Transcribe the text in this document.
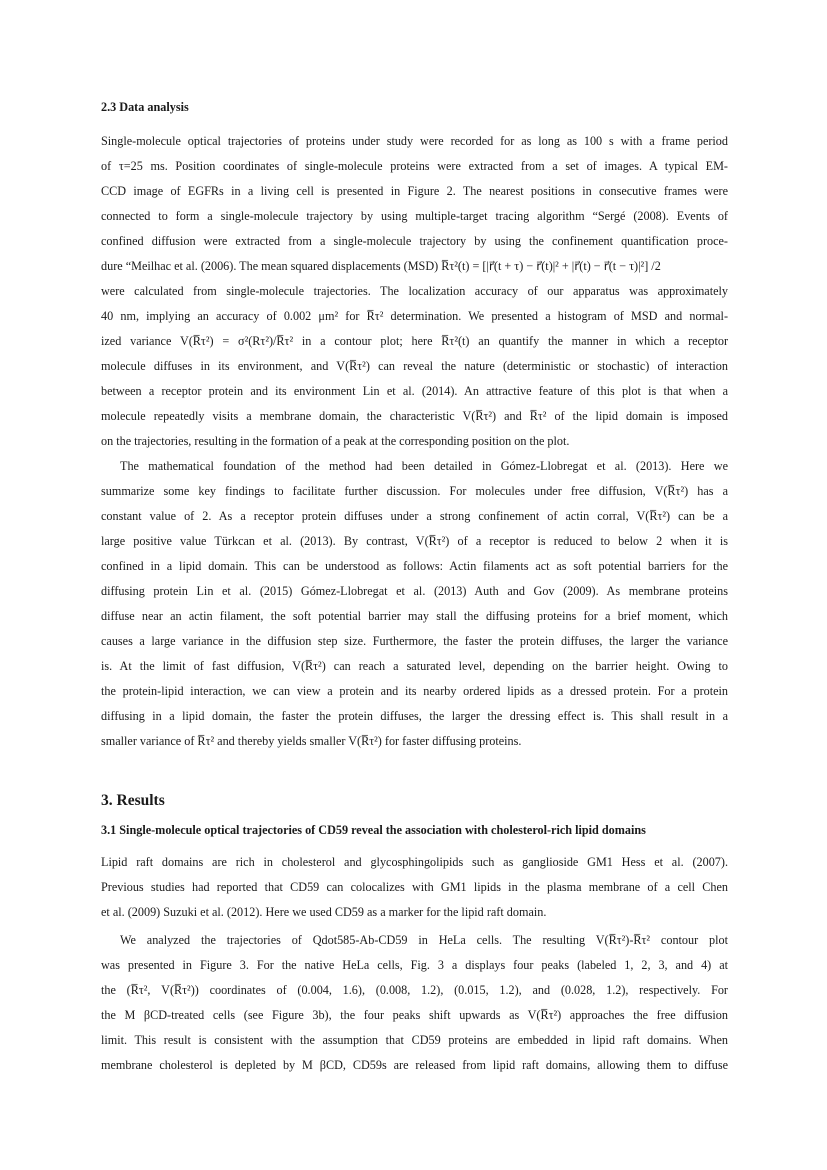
2.3 Data analysis
Single-molecule optical trajectories of proteins under study were recorded for as long as 100 s with a frame period
of τ=25 ms. Position coordinates of single-molecule proteins were extracted from a set of images. A typical EM-
CCD image of EGFRs in a living cell is presented in Figure 2. The nearest positions in consecutive frames were
connected to form a single-molecule trajectory by using multiple-target tracing algorithm “Sergé (2008). Events of
confined diffusion were extracted from a single-molecule trajectory by using the confinement quantification proce-
dure “Meilhac et al. (2006). The mean squared displacements (MSD) R̅τ²(t) = [|r⃗(t + τ) − r⃗(t)|² + |r⃗(t) − r⃗(t − τ)|²] /2
were calculated from single-molecule trajectories. The localization accuracy of our apparatus was approximately
40 nm, implying an accuracy of 0.002 μm² for R̅τ² determination. We presented a histogram of MSD and normal-
ized variance V(R̅τ²) = σ²(Rτ²)/R̅τ² in a contour plot; here R̅τ²(t) an quantify the manner in which a receptor
molecule diffuses in its environment, and V(R̅τ²) can reveal the nature (deterministic or stochastic) of interaction
between a receptor protein and its environment Lin et al. (2014). An attractive feature of this plot is that when a
molecule repeatedly visits a membrane domain, the characteristic V(R̅τ²) and R̅τ² of the lipid domain is imposed
on the trajectories, resulting in the formation of a peak at the corresponding position on the plot.
The mathematical foundation of the method had been detailed in Gómez-Llobregat et al. (2013). Here we
summarize some key findings to facilitate further discussion. For molecules under free diffusion, V(R̅τ²) has a
constant value of 2. As a receptor protein diffuses under a strong confinement of actin corral, V(R̅τ²) can be a
large positive value Türkcan et al. (2013). By contrast, V(R̅τ²) of a receptor is reduced to below 2 when it is
confined in a lipid domain. This can be understood as follows: Actin filaments act as soft potential barriers for the
diffusing protein Lin et al. (2015) Gómez-Llobregat et al. (2013) Auth and Gov (2009). As membrane proteins
diffuse near an actin filament, the soft potential barrier may stall the diffusing proteins for a brief moment, which
causes a large variance in the diffusion step size. Furthermore, the faster the protein diffuses, the larger the variance
is. At the limit of fast diffusion, V(R̅τ²) can reach a saturated level, depending on the barrier height. Owing to
the protein-lipid interaction, we can view a protein and its nearby ordered lipids as a dressed protein. For a protein
diffusing in a lipid domain, the faster the protein diffuses, the larger the dressing effect is. This shall result in a
smaller variance of R̅τ² and thereby yields smaller V(R̅τ²) for faster diffusing proteins.
3. Results
3.1 Single-molecule optical trajectories of CD59 reveal the association with cholesterol-rich lipid domains
Lipid raft domains are rich in cholesterol and glycosphingolipids such as ganglioside GM1 Hess et al. (2007).
Previous studies had reported that CD59 can colocalizes with GM1 lipids in the plasma membrane of a cell Chen
et al. (2009) Suzuki et al. (2012). Here we used CD59 as a marker for the lipid raft domain.
We analyzed the trajectories of Qdot585-Ab-CD59 in HeLa cells. The resulting V(R̅τ²)-R̅τ² contour plot
was presented in Figure 3. For the native HeLa cells, Fig. 3 a displays four peaks (labeled 1, 2, 3, and 4) at
the (R̅τ², V(R̅τ²)) coordinates of (0.004, 1.6), (0.008, 1.2), (0.015, 1.2), and (0.028, 1.2), respectively. For
the M βCD-treated cells (see Figure 3b), the four peaks shift upwards as V(R̅τ²) approaches the free diffusion
limit. This result is consistent with the assumption that CD59 proteins are embedded in lipid raft domains. When
membrane cholesterol is depleted by M βCD, CD59s are released from lipid raft domains, allowing them to diffuse
